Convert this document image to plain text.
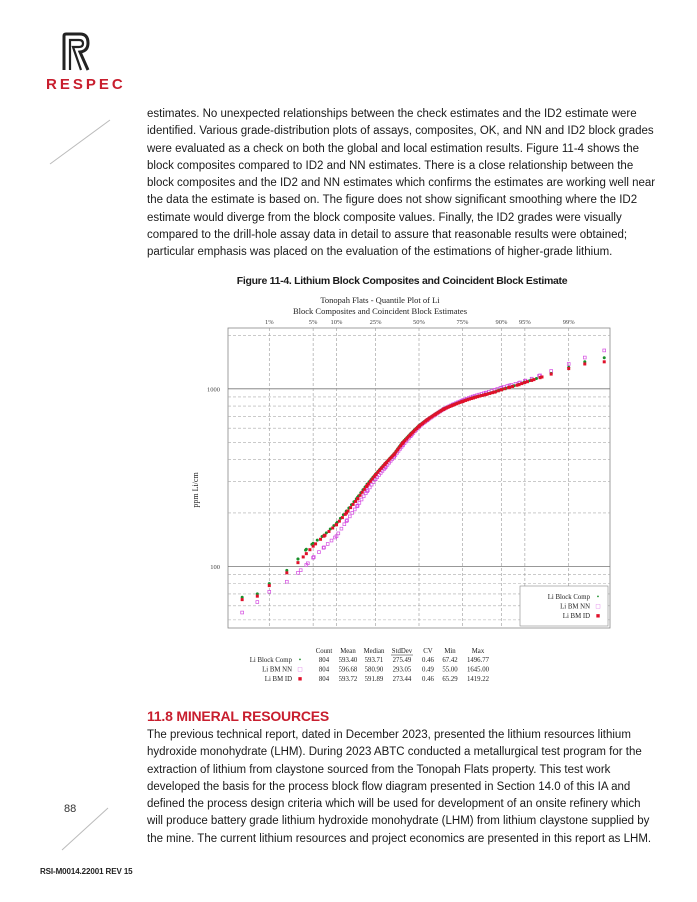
RESPEC

estimates. No unexpected relationships between the check estimates and the ID2 estimate were identified. Various grade-distribution plots of assays, composites, OK, and NN and ID2 block grades were evaluated as a check on both the global and local estimation results. Figure 11-4 shows the block composites compared to ID2 and NN estimates. There is a close relationship between the block composites and the ID2 and NN estimates which confirms the estimates are working well near the data the estimate is based on. The figure does not show significant smoothing where the ID2 estimate would diverge from the block composite values. Finally, the ID2 grades were visually compared to the drill-hole assay data in detail to assure that reasonable results were obtained; particular emphasis was placed on the evaluation of the estimations of higher-grade lithium.

Figure 11-4. Lithium Block Composites and Coincident Block Estimate
Tonopah Flats - Quantile Plot of Li
Block Composites and Coincident Block Estimates
ppm Li/cm
1%	5% 10%	25%	50%	75%	90% 95%	99%
1000
100
Li Block Comp •
Li BM NN □
Li BM ID ■
Count Mean Median StdDev CV Min Max
Li Block Comp •	804 593.40 593.71 275.49 0.46 67.42 1496.77
Li BM NN □ 804 596.68 580.90 293.05 0.49 55.00 1645.00
Li BM ID ■ 804 593.72 591.89 273.44 0.46 65.29 1419.22
11.8 MINERAL RESOURCES

The previous technical report, dated in December 2023, presented the lithium resources lithium hydroxide monohydrate (LHM). During 2023 ABTC conducted a metallurgical test program for the extraction of lithium from claystone sourced from the Tonopah Flats property. This test work developed the basis for the process block flow diagram presented in Section 14.0 of this IA and defined the process design criteria which will be used for development of an onsite refinery which will produce battery grade lithium hydroxide monohydrate (LHM) from lithium claystone supplied by the mine. The current lithium resources and project economics are presented in this report as LHM.

88
RSI-M0014.22001 REV 15
